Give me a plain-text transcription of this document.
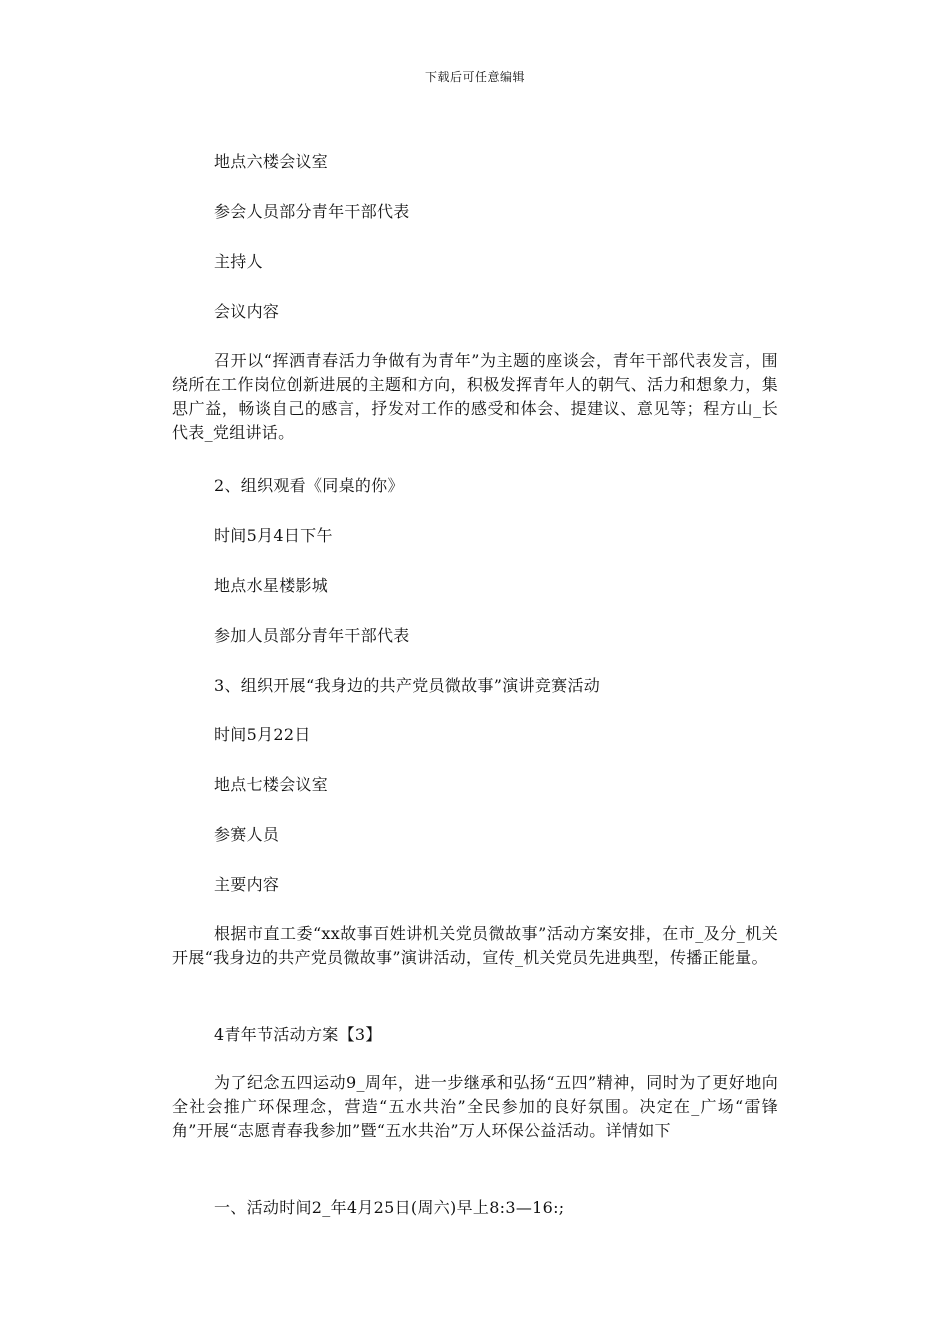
下载后可任意编辑

地点六楼会议室

参会人员部分青年干部代表

主持人

会议内容

召开以“挥洒青春活力争做有为青年”为主题的座谈会，青年干部代表发言，围绕所在工作岗位创新进展的主题和方向，积极发挥青年人的朝气、活力和想象力，集思广益，畅谈自己的感言，抒发对工作的感受和体会、提建议、意见等；程方山_长代表_党组讲话。

2、组织观看《同桌的你》

时间5月4日下午

地点水星楼影城

参加人员部分青年干部代表

3、组织开展“我身边的共产党员微故事”演讲竞赛活动

时间5月22日

地点七楼会议室

参赛人员

主要内容

根据市直工委“xx故事百姓讲机关党员微故事”活动方案安排，在市_及分_机关开展“我身边的共产党员微故事”演讲活动，宣传_机关党员先进典型，传播正能量。

4青年节活动方案【3】

为了纪念五四运动9_周年，进一步继承和弘扬“五四”精神，同时为了更好地向全社会推广环保理念，营造“五水共治”全民参加的良好氛围。决定在_广场“雷锋角”开展“志愿青春我参加”暨“五水共治”万人环保公益活动。详情如下

一、活动时间2_年4月25日(周六)早上8:3—16:;
